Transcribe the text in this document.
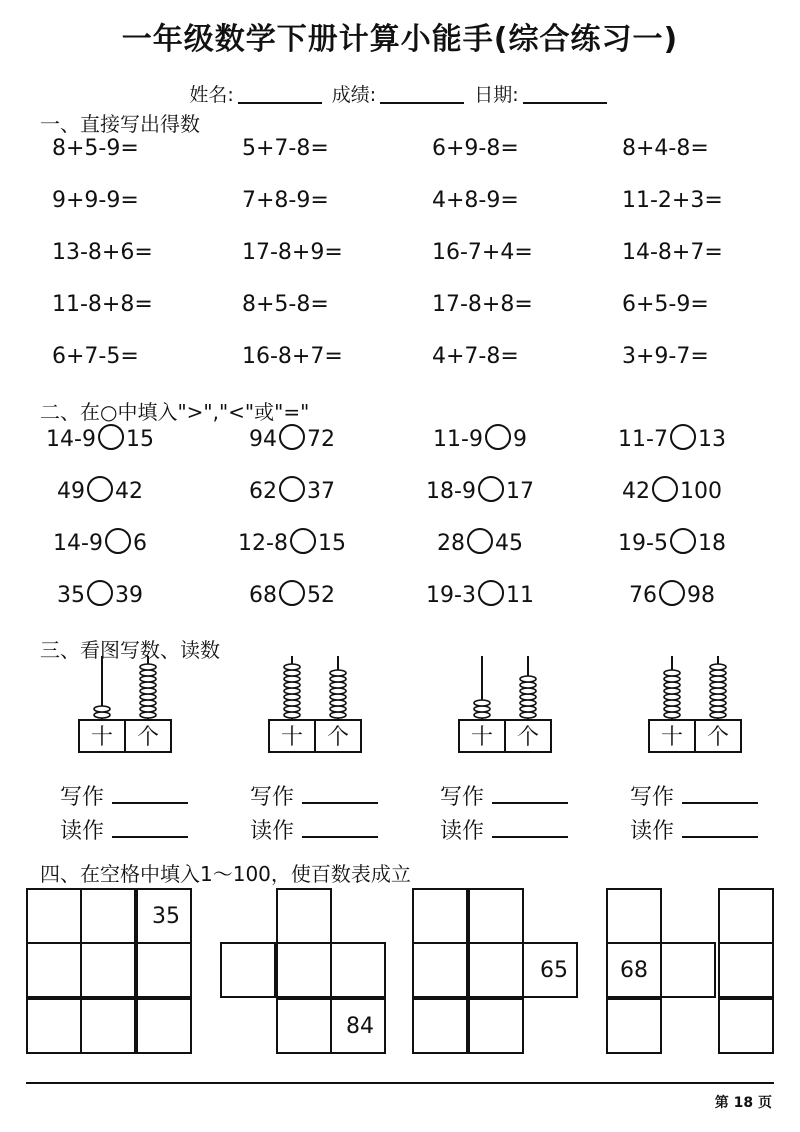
一年级数学下册计算小能手(综合练习一)
姓名:	成绩:	日期:
一、直接写出得数
8+5-9=	5+7-8=	6+9-8=	8+4-8=
9+9-9=	7+8-9=	4+8-9=	11-2+3=
13-8+6=	17-8+9=	16-7+4=	14-8+7=
11-8+8=	8+5-8=	17-8+8=	6+5-9=
6+7-5=	16-8+7=	4+7-8=	3+9-7=
二、在○中填入">","<"或"="
14-9 15	94 72	11-9 9	11-7 13
49 42	62 37	18-9 17	42 100
14-9 6	12-8 15	28 45	19-5 18
35 39	68 52	19-3 11	76 98
三、看图写数、读数
十 个
写作
读作
十 个
写作
读作
十 个
写作
读作
十 个
写作
读作
四、在空格中填入1～100，使百数表成立
35
84
65 68
第 18 页
